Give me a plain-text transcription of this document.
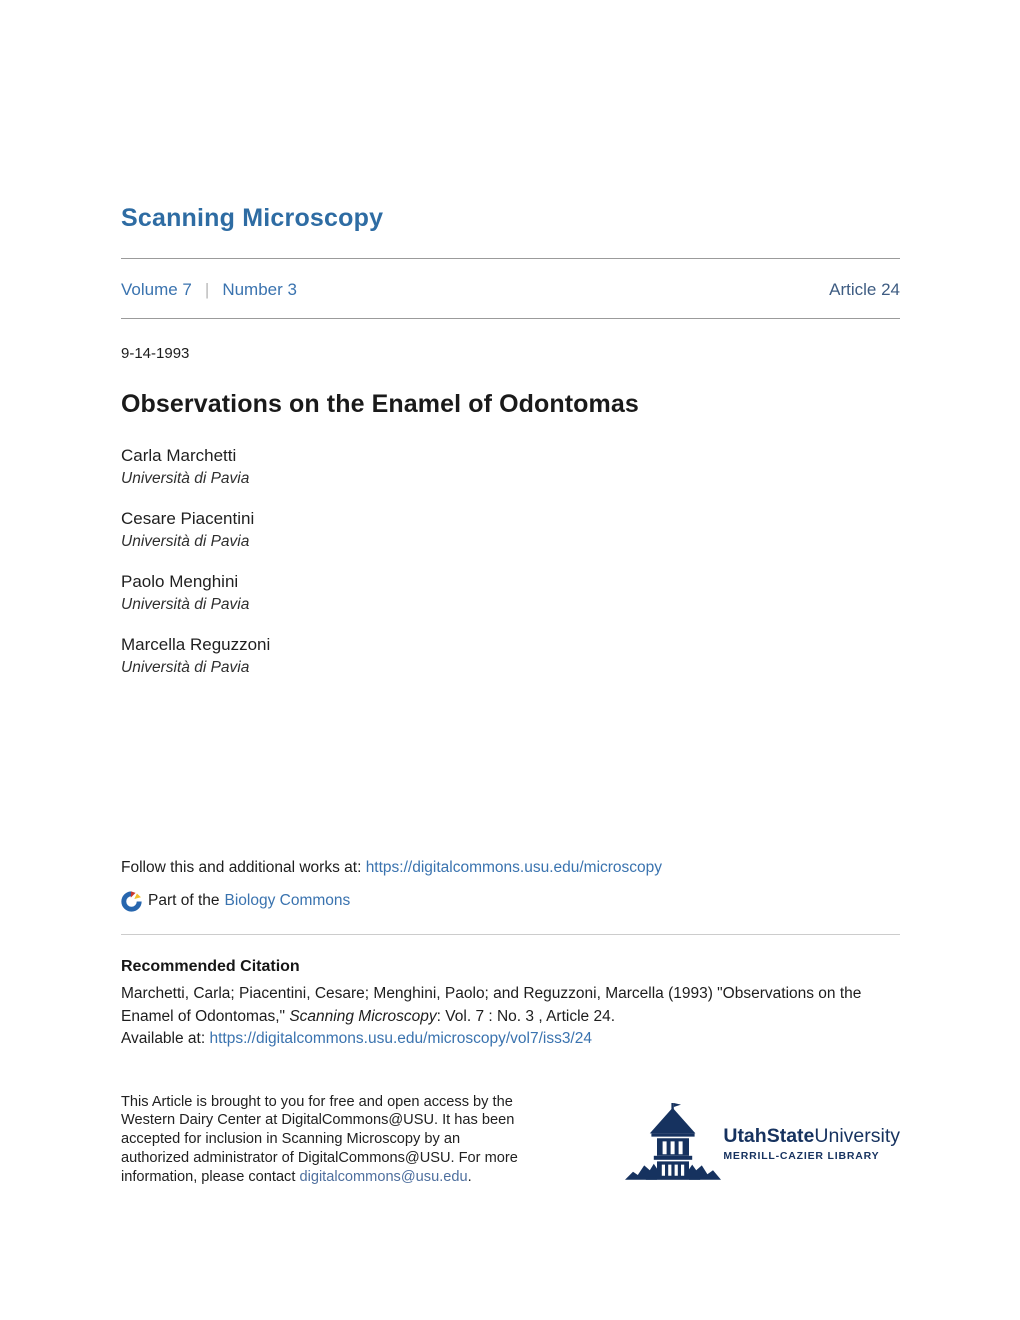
Scanning Microscopy
Volume 7 | Number 3	Article 24
9-14-1993
Observations on the Enamel of Odontomas
Carla Marchetti
Università di Pavia
Cesare Piacentini
Università di Pavia
Paolo Menghini
Università di Pavia
Marcella Reguzzoni
Università di Pavia
Follow this and additional works at: https://digitalcommons.usu.edu/microscopy
Part of the Biology Commons
Recommended Citation

Marchetti, Carla; Piacentini, Cesare; Menghini, Paolo; and Reguzzoni, Marcella (1993) "Observations on the Enamel of Odontomas," Scanning Microscopy: Vol. 7 : No. 3 , Article 24.

Available at: https://digitalcommons.usu.edu/microscopy/vol7/iss3/24

This Article is brought to you for free and open access by the Western Dairy Center at DigitalCommons@USU. It has been accepted for inclusion in Scanning Microscopy by an authorized administrator of DigitalCommons@USU. For more information, please contact digitalcommons@usu.edu.

UtahStateUniversity
MERRILL-CAZIER LIBRARY
